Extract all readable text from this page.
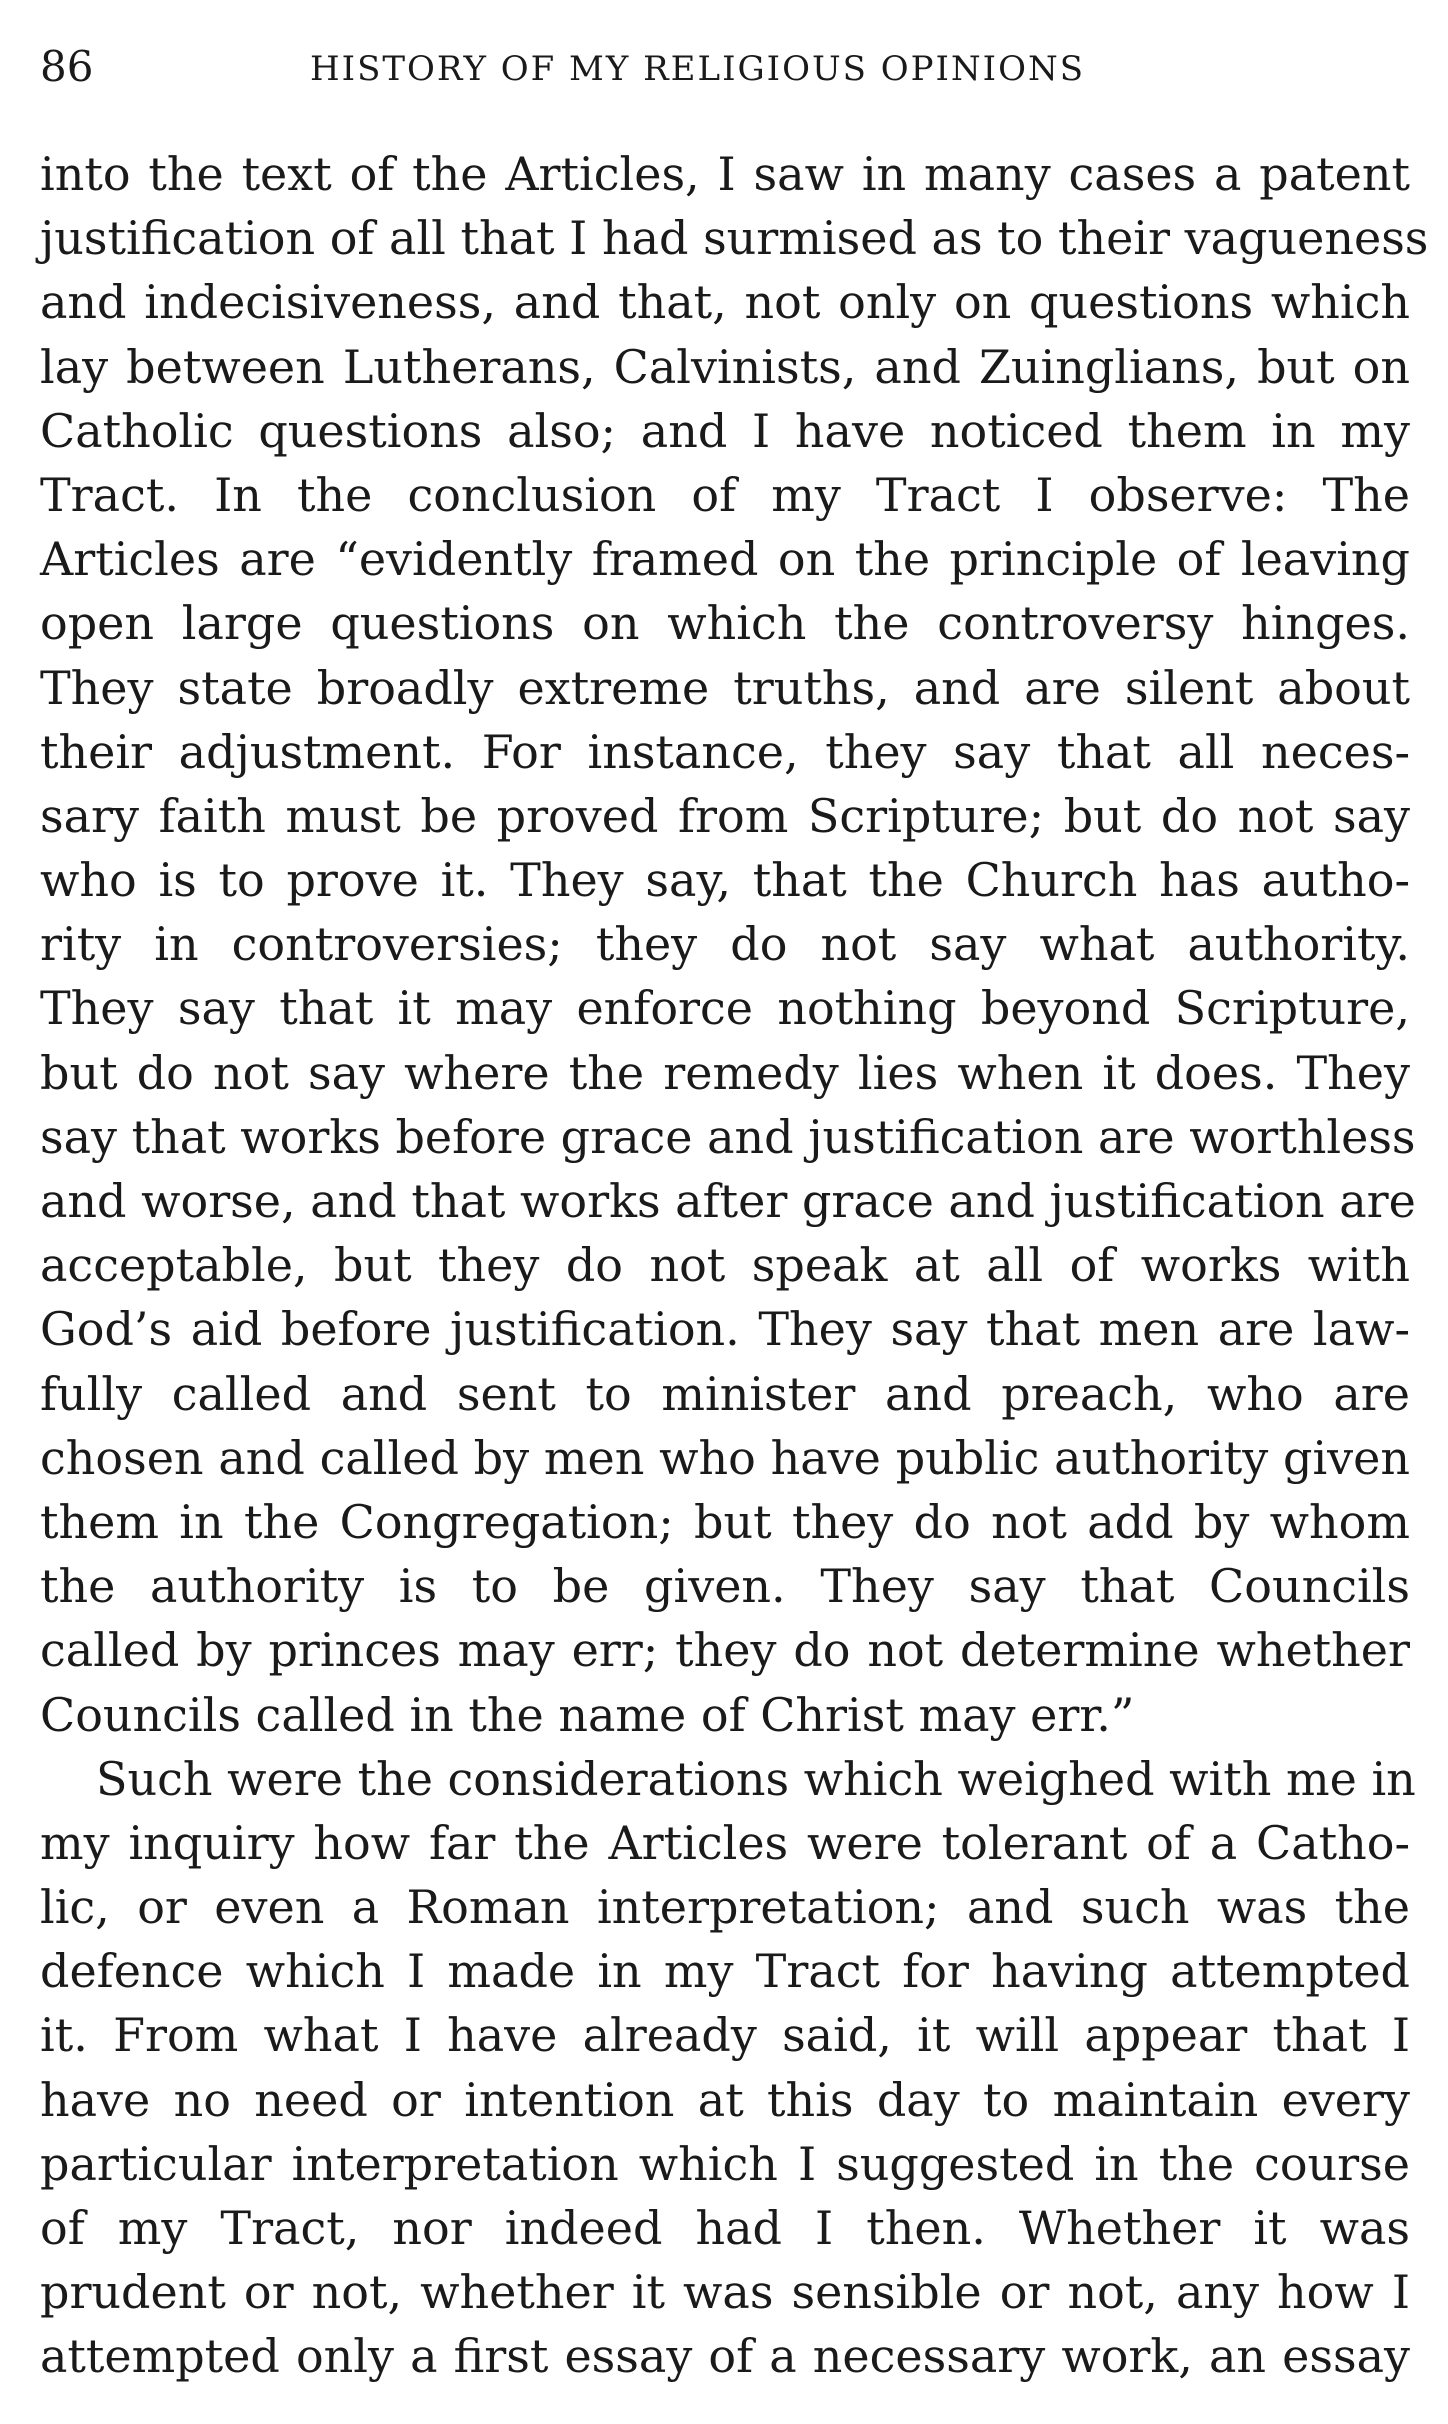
86	HISTORY OF MY RELIGIOUS OPINIONS
into the text of the Articles, I saw in many cases a patent
justification of all that I had surmised as to their vagueness
and indecisiveness, and that, not only on questions which
lay between Lutherans, Calvinists, and Zuinglians, but on
Catholic questions also; and I have noticed them in my
Tract. In the conclusion of my Tract I observe: The
Articles are “evidently framed on the principle of leaving
open large questions on which the controversy hinges.
They state broadly extreme truths, and are silent about
their adjustment. For instance, they say that all neces-
sary faith must be proved from Scripture; but do not say
who is to prove it. They say, that the Church has autho-
rity in controversies; they do not say what authority.
They say that it may enforce nothing beyond Scripture,
but do not say where the remedy lies when it does. They
say that works before grace and justification are worthless
and worse, and that works after grace and justification are
acceptable, but they do not speak at all of works with
God’s aid before justification. They say that men are law-
fully called and sent to minister and preach, who are
chosen and called by men who have public authority given
them in the Congregation; but they do not add by whom
the authority is to be given. They say that Councils
called by princes may err; they do not determine whether
Councils called in the name of Christ may err.”
Such were the considerations which weighed with me in
my inquiry how far the Articles were tolerant of a Catho-
lic, or even a Roman interpretation; and such was the
defence which I made in my Tract for having attempted
it. From what I have already said, it will appear that I
have no need or intention at this day to maintain every
particular interpretation which I suggested in the course
of my Tract, nor indeed had I then. Whether it was
prudent or not, whether it was sensible or not, any how I
attempted only a first essay of a necessary work, an essay
